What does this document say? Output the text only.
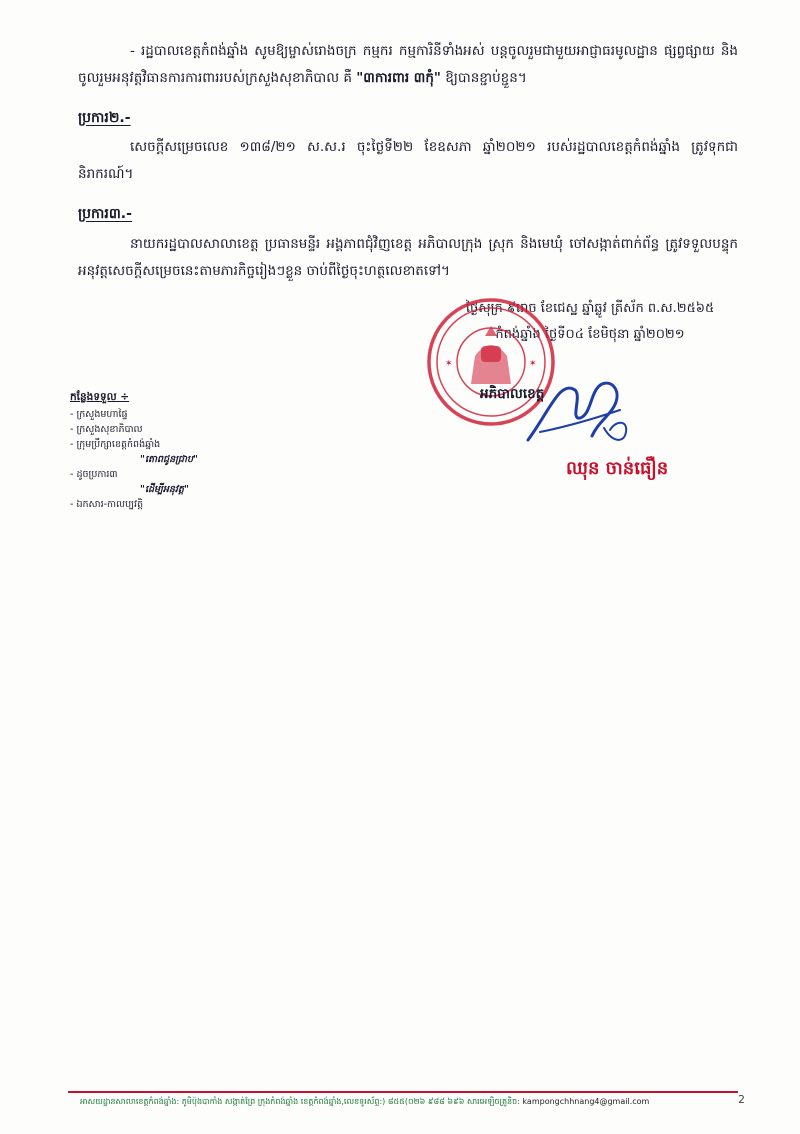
- រដ្ឋបាលខេត្តកំពង់ឆ្នាំង សូមឱ្យម្ចាស់រោងចក្រ កម្មករ កម្មការិនីទាំងអស់ បន្តចូលរួមជាមួយអាជ្ញាធរមូលដ្ឋាន ផ្សព្វផ្សាយ និងចូលរួមអនុវត្តវិធានការការពាររបស់ក្រសួងសុខាភិបាល គឺ "៣ការពារ ៣កុំ" ឱ្យបានខ្ជាប់ខ្ជួន។
ប្រការ២.-
សេចក្តីសម្រេចលេខ ១៣៨/២១ ស.ស.រ ចុះថ្ងៃទី២២ ខែឧសភា ឆ្នាំ២០២១ របស់រដ្ឋបាលខេត្តកំពង់ឆ្នាំង ត្រូវទុកជានិរាករណ៍។
ប្រការ៣.-
នាយករដ្ឋបាលសាលាខេត្ត ប្រធានមន្ទីរ អង្គភាពជុំវិញខេត្ត អភិបាលក្រុង ស្រុក និងមេឃុំ ចៅសង្កាត់ពាក់ព័ន្ធ ត្រូវទទួលបន្ទុកអនុវត្តសេចក្តីសម្រេចនេះតាមភារកិច្ចរៀងៗខ្លួន ចាប់ពីថ្ងៃចុះហត្ថលេខាតទៅ។
ថ្ងៃសុក្រ ៩រោច ខែជេស្ឋ ឆ្នាំឆ្លូវ ត្រីស័ក ព.ស.២៥៦៥
កំពង់ឆ្នាំង ថ្ងៃទី០៤ ខែមិថុនា ឆ្នាំ២០២១
✶	✶
អភិបាលខេត្ត
ឈុន ចាន់ធឿន
កន្លែងទទួល ÷
- ក្រសួងមហាផ្ទៃ
- ក្រសួងសុខាភិបាល
- ក្រុមប្រឹក្សាខេត្តកំពង់ឆ្នាំង
"តោពជូនជ្រាប"
- ដូចប្រការ៣
"ដើម្បីអនុវត្ត"
- ឯកសារ-កាលប្បវត្តិ
អាសយដ្ឋានសាលាខេត្តកំពង់ឆ្នាំង: ភូមិប៉ុងបាកាំង សង្កាត់ព្រែ ក្រុងកំពង់ឆ្នាំង ខេត្តកំពង់ឆ្នាំង,លេខទូរស័ព្ទ:) ៨៥៥(០២៦ ៩៨៨ ៦៩៦ សារអេឡិចត្រូនិច: kampongchhnang4@gmail.com	2
